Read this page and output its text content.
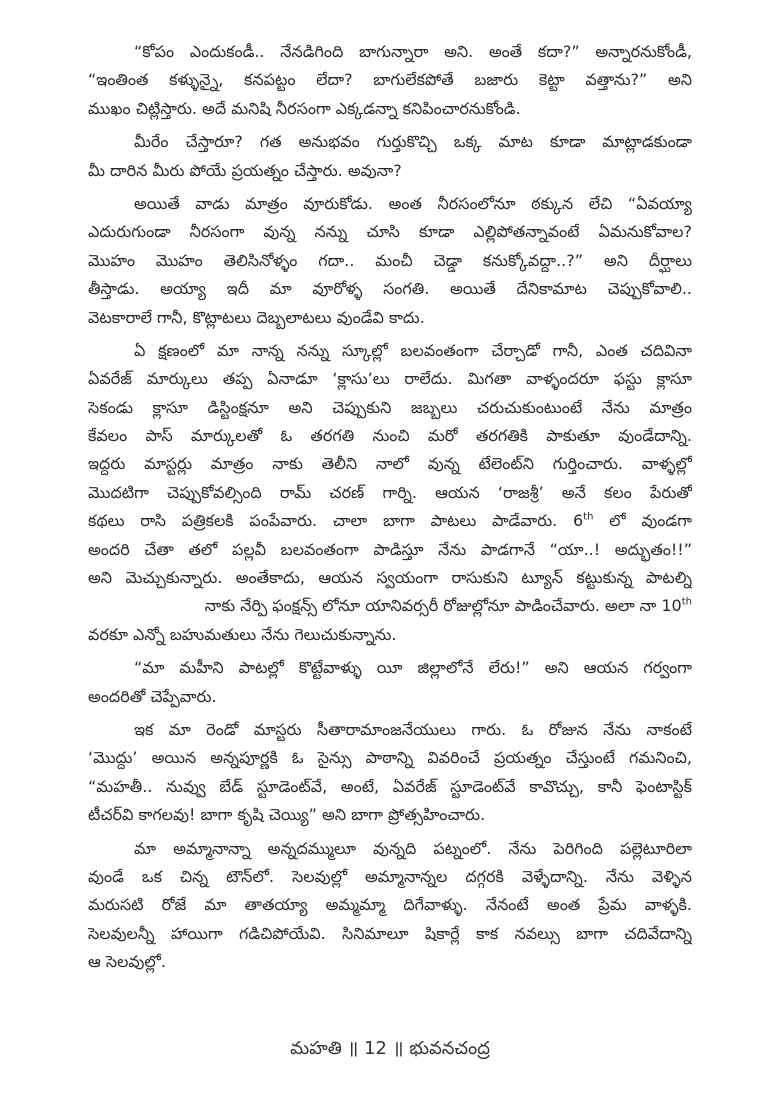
“కోపం ఎందుకండీ.. నేనడిగింది బాగున్నారా అని. అంతే కదా?” అన్నారనుకోండీ,
“ఇంతింత కళ్ళున్నై, కనపట్టం లేదా? బాగులేకపోతే బజారు కెట్టా వత్తాను?” అని
ముఖం చిట్లిస్తారు. అదే మనిషి నీరసంగా ఎక్కడన్నా కనిపించారనుకోండి.
మీరేం చేస్తారూ? గత అనుభవం గుర్తుకొచ్చి ఒక్క మాట కూడా మాట్లాడకుండా
మీ దారిన మీరు పోయే ప్రయత్నం చేస్తారు. అవునా?
అయితే వాడు మాత్రం వూరుకోడు. అంత నీరసంలోనూ ఠక్కున లేచి “ఏవయ్యా
ఎదురుగుండా నీరసంగా వున్న నన్ను చూసి కూడా ఎల్లిపోతన్నావంటే ఏమనుకోవాల?
మొహం మొహం తెలిసినోళ్ళం గదా.. మంచీ చెడ్డా కనుక్కోవద్దా..?” అని దీర్ఘాలు
తీస్తాడు. అయ్యా ఇదీ మా వూరోళ్ళ సంగతి. అయితే దేనికామాట చెప్పుకోవాలి..
వెటకారాలే గానీ, కొట్లాటలు దెబ్బలాటలు వుండేవి కాదు.
ఏ క్షణంలో మా నాన్న నన్ను స్కూల్లో బలవంతంగా చేర్చాడో గానీ, ఎంత చదివినా
ఏవరేజ్ మార్కులు తప్ప ఏనాడూ ‘క్లాసు’లు రాలేదు. మిగతా వాళ్ళందరూ ఫస్టు క్లాసూ
సెకండు క్లాసూ డిస్టింక్షనూ అని చెప్పుకుని జబ్బలు చరుచుకుంటుంటే నేను మాత్రం
కేవలం పాస్ మార్కులతో ఓ తరగతి నుంచి మరో తరగతికి పాకుతూ వుండేదాన్ని.
ఇద్దరు మాస్టర్లు మాత్రం నాకు తెలీని నాలో వున్న టేలెంట్‌ని గుర్తించారు. వాళ్ళల్లో
మొదటిగా చెప్పుకోవల్సింది రామ్ చరణ్ గార్ని. ఆయన ‘రాజశ్రీ’ అనే కలం పేరుతో
కథలు రాసి పత్రికలకి పంపేవారు. చాలా బాగా పాటలు పాడేవారు. 6th లో వుండగా
అందరి చేతా తలో పల్లవీ బలవంతంగా పాడిస్తూ నేను పాడగానే “యా..! అద్భుతం!!”
అని మెచ్చుకున్నారు. అంతేకాదు, ఆయన స్వయంగా రాసుకుని ట్యూన్ కట్టుకున్న పాటల్ని
నాకు నేర్పి ఫంక్షన్స్ లోనూ యానివర్సరీ రోజుల్లోనూ పాడించేవారు. అలా నా 10th
వరకూ ఎన్నో బహుమతులు నేను గెలుచుకున్నాను.
“మా మహీని పాటల్లో కొట్టేవాళ్ళు యీ జిల్లాలోనే లేరు!” అని ఆయన గర్వంగా
అందరితో చెప్పేవారు.
ఇక మా రెండో మాస్టరు సీతారామాంజనేయులు గారు. ఓ రోజున నేను నాకంటే
‘మొద్దు’ అయిన అన్నపూర్ణకి ఓ సైన్సు పాఠాన్ని వివరించే ప్రయత్నం చేస్తుంటే గమనించి,
“మహతీ.. నువ్వు బేడ్ స్టూడెంట్‌వే, అంటే, ఏవరేజ్ స్టూడెంట్‌వే కావొచ్చు, కానీ ఫెంటాస్టిక్
టీచర్‌వి కాగలవు! బాగా కృషి చెయ్యి” అని బాగా ప్రోత్సహించారు.
మా అమ్మానాన్నా అన్నదమ్ములూ వున్నది పట్నంలో. నేను పెరిగింది పల్లెటూరిలా
వుండే ఒక చిన్న టౌన్‌లో. సెలవుల్లో అమ్మానాన్నల దగ్గరకి వెళ్ళేదాన్ని. నేను వెళ్ళిన
మరుసటి రోజే మా తాతయ్యా అమ్మమ్మా దిగేవాళ్ళు. నేనంటే అంత ప్రేమ వాళ్ళకి.
సెలవులన్నీ హాయిగా గడిచిపోయేవి. సినిమాలూ షికార్లే కాక నవల్సు బాగా చదివేదాన్ని
ఆ సెలవుల్లో.
మహతి ॥ 12 ॥ భువనచంద్ర
